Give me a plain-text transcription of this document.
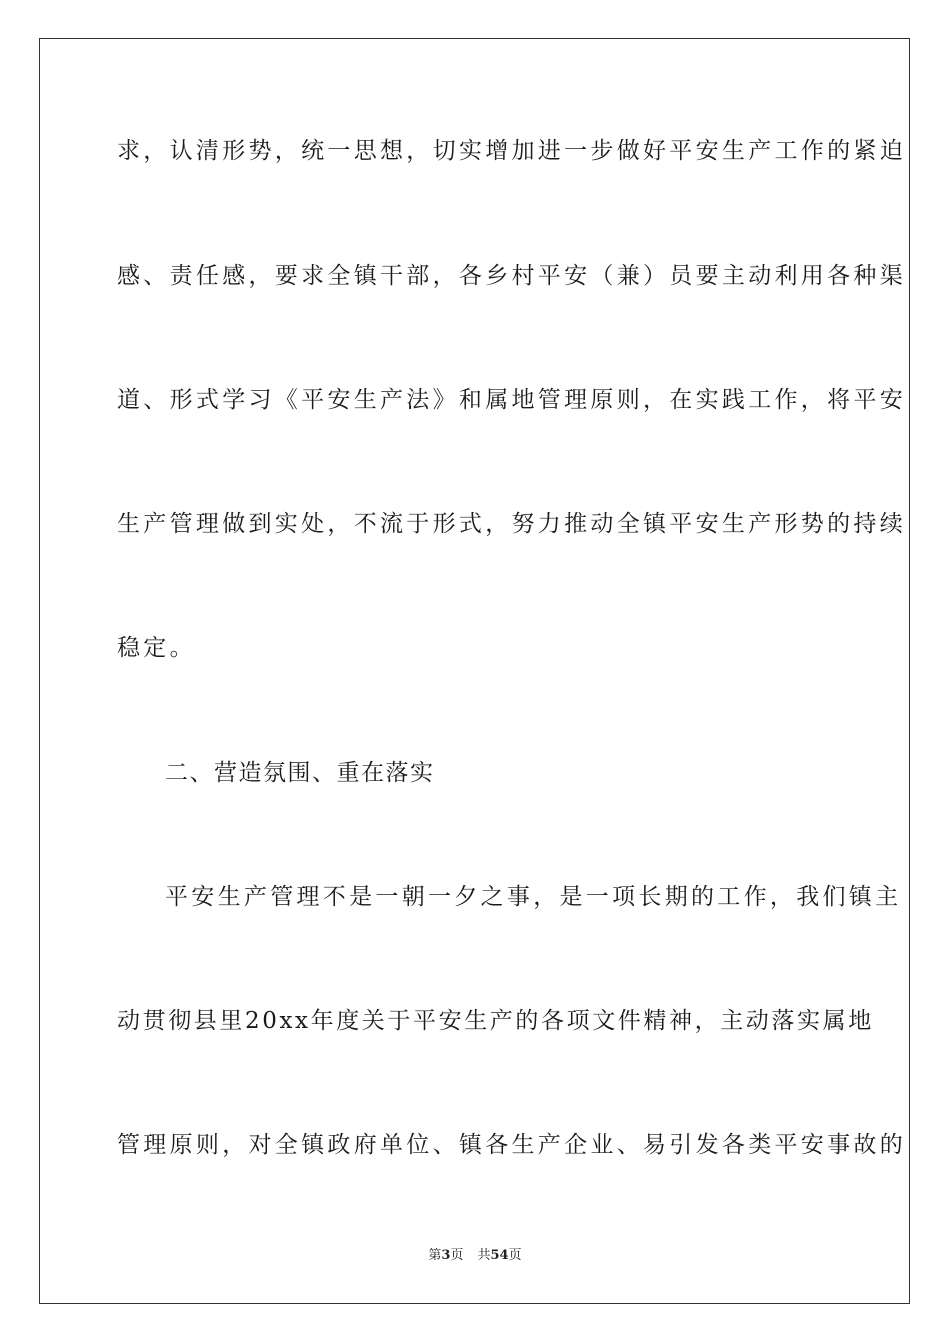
求，认清形势，统一思想，切实增加进一步做好平安生产工作的紧迫
感、责任感，要求全镇干部，各乡村平安（兼）员要主动利用各种渠
道、形式学习《平安生产法》和属地管理原则，在实践工作，将平安
生产管理做到实处，不流于形式，努力推动全镇平安生产形势的持续
稳定。
二、营造氛围、重在落实
平安生产管理不是一朝一夕之事，是一项长期的工作，我们镇主
动贯彻县里20xx年度关于平安生产的各项文件精神，主动落实属地
管理原则，对全镇政府单位、镇各生产企业、易引发各类平安事故的
第3页 共54页
